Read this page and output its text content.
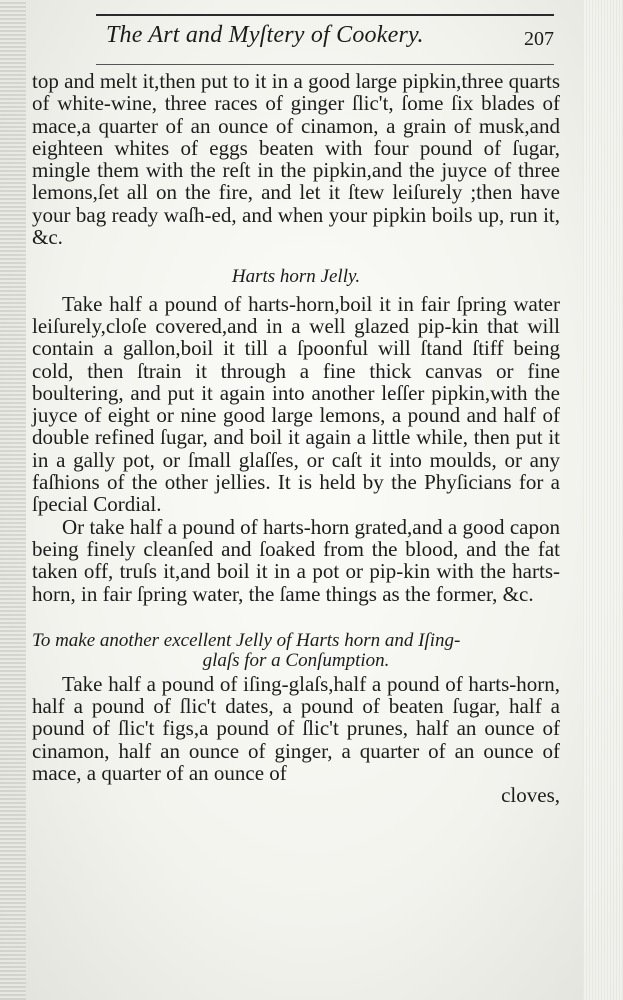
The Art and Myſtery of Cookery.	207

top and melt it,then put to it in a good large pipkin,three quarts of white-wine, three races of ginger ſlic't, ſome ſix blades of mace,a quarter of an ounce of cinamon, a grain of musk,and eighteen whites of eggs beaten with four pound of ſugar, mingle them with the reſt in the pipkin,and the juyce of three lemons,ſet all on the fire, and let it ſtew leiſurely ;then have your bag ready waſh-ed, and when your pipkin boils up, run it, &c.

Harts horn Jelly.

Take half a pound of harts-horn,boil it in fair ſpring water leiſurely,cloſe covered,and in a well glazed pip-kin that will contain a gallon,boil it till a ſpoonful will ſtand ſtiff being cold, then ſtrain it through a fine thick canvas or fine boultering, and put it again into another leſſer pipkin,with the juyce of eight or nine good large lemons, a pound and half of double refined ſugar, and boil it again a little while, then put it in a gally pot, or ſmall glaſſes, or caſt it into moulds, or any faſhions of the other jellies. It is held by the Phyſicians for a ſpecial Cordial.

Or take half a pound of harts-horn grated,and a good capon being finely cleanſed and ſoaked from the blood, and the fat taken off, truſs it,and boil it in a pot or pip-kin with the harts-horn, in fair ſpring water, the ſame things as the former, &c.

To make another excellent Jelly of Harts horn and Iſing-

glaſs for a Conſumption.

Take half a pound of iſing-glaſs,half a pound of harts-horn, half a pound of ſlic't dates, a pound of beaten ſugar, half a pound of ſlic't figs,a pound of ſlic't prunes, half an ounce of cinamon, half an ounce of ginger, a quarter of an ounce of mace, a quarter of an ounce of

cloves,
